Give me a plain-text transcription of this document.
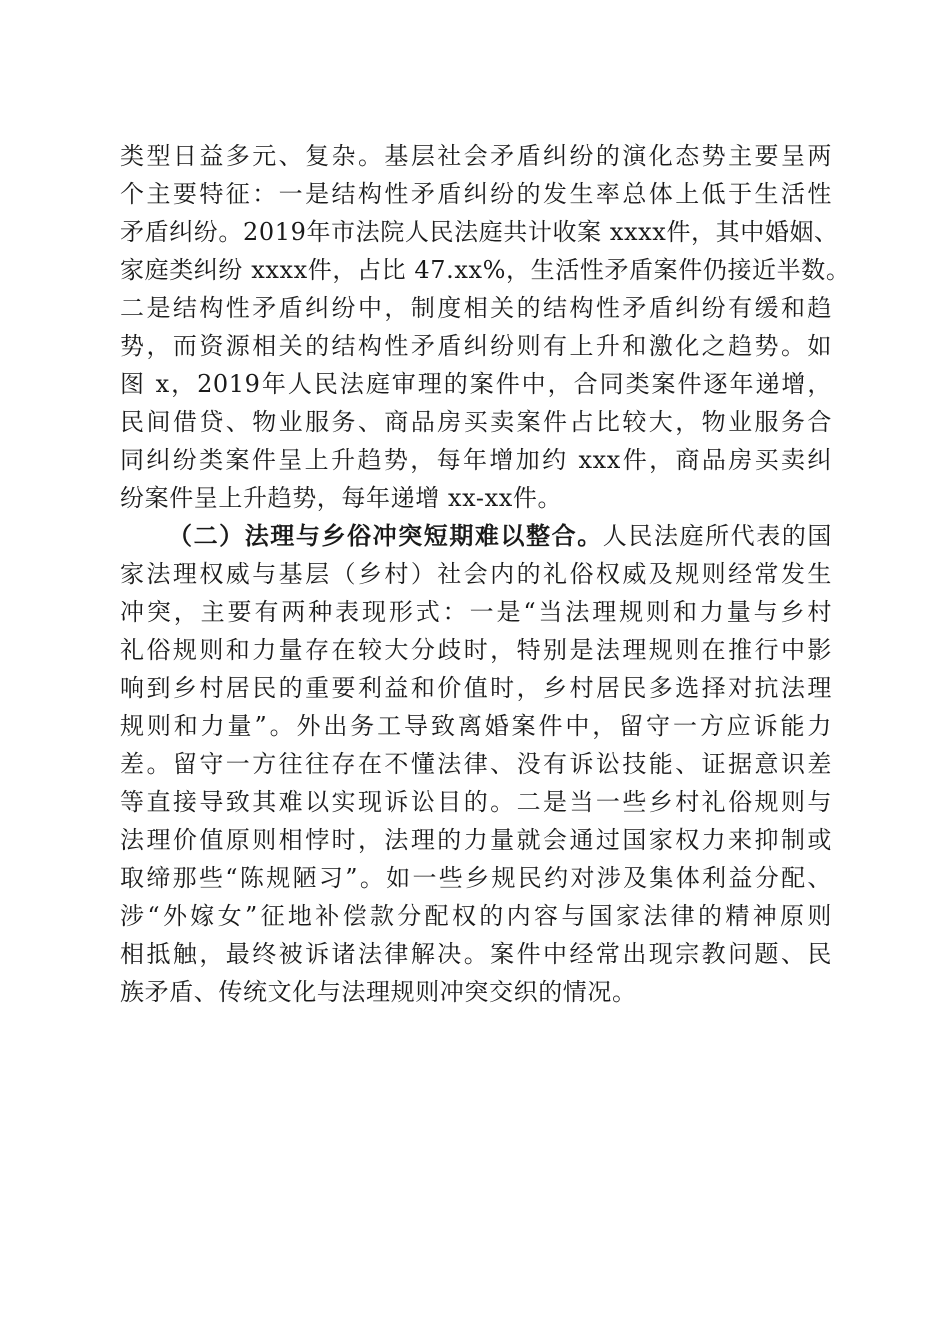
类型日益多元、复杂。基层社会矛盾纠纷的演化态势主要呈两
个主要特征：一是结构性矛盾纠纷的发生率总体上低于生活性
矛盾纠纷。2019年市法院人民法庭共计收案 xxxx件，其中婚姻、
家庭类纠纷 xxxx件，占比 47.xx%，生活性矛盾案件仍接近半数。
二是结构性矛盾纠纷中，制度相关的结构性矛盾纠纷有缓和趋
势，而资源相关的结构性矛盾纠纷则有上升和激化之趋势。如
图 x，2019年人民法庭审理的案件中，合同类案件逐年递增，
民间借贷、物业服务、商品房买卖案件占比较大，物业服务合
同纠纷类案件呈上升趋势，每年增加约 xxx件，商品房买卖纠
纷案件呈上升趋势，每年递增 xx-xx件。
（二）法理与乡俗冲突短期难以整合。人民法庭所代表的国
家法理权威与基层（乡村）社会内的礼俗权威及规则经常发生
冲突，主要有两种表现形式：一是“当法理规则和力量与乡村
礼俗规则和力量存在较大分歧时，特别是法理规则在推行中影
响到乡村居民的重要利益和价值时，乡村居民多选择对抗法理
规则和力量”。外出务工导致离婚案件中，留守一方应诉能力
差。留守一方往往存在不懂法律、没有诉讼技能、证据意识差
等直接导致其难以实现诉讼目的。二是当一些乡村礼俗规则与
法理价值原则相悖时，法理的力量就会通过国家权力来抑制或
取缔那些“陈规陋习”。如一些乡规民约对涉及集体利益分配、
涉“外嫁女”征地补偿款分配权的内容与国家法律的精神原则
相抵触，最终被诉诸法律解决。案件中经常出现宗教问题、民
族矛盾、传统文化与法理规则冲突交织的情况。
